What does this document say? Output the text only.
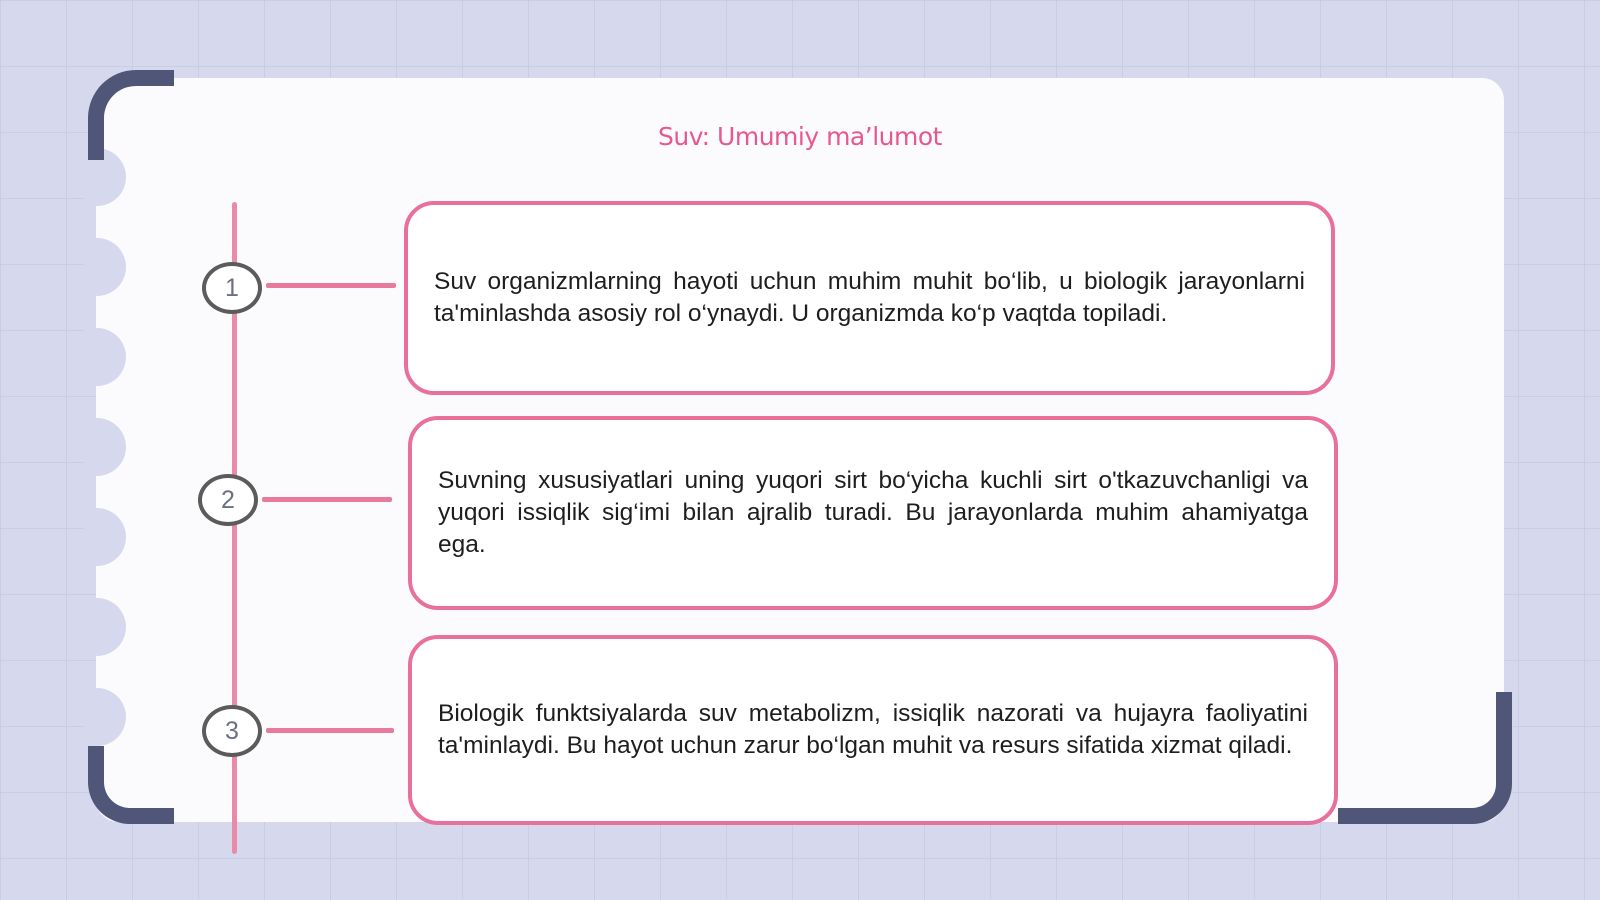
Suv: Umumiy ma’lumot
1
2
3

Suv organizmlarning hayoti uchun muhim muhit bo‘lib, u biologik jarayonlarni ta'minlashda asosiy rol o‘ynaydi. U organizmda ko‘p vaqtda topiladi.

Suvning xususiyatlari uning yuqori sirt bo‘yicha kuchli sirt o'tkazuvchanligi va yuqori issiqlik sig‘imi bilan ajralib turadi. Bu jarayonlarda muhim ahamiyatga ega.

Biologik funktsiyalarda suv metabolizm, issiqlik nazorati va hujayra faoliyatini ta'minlaydi. Bu hayot uchun zarur bo‘lgan muhit va resurs sifatida xizmat qiladi.
